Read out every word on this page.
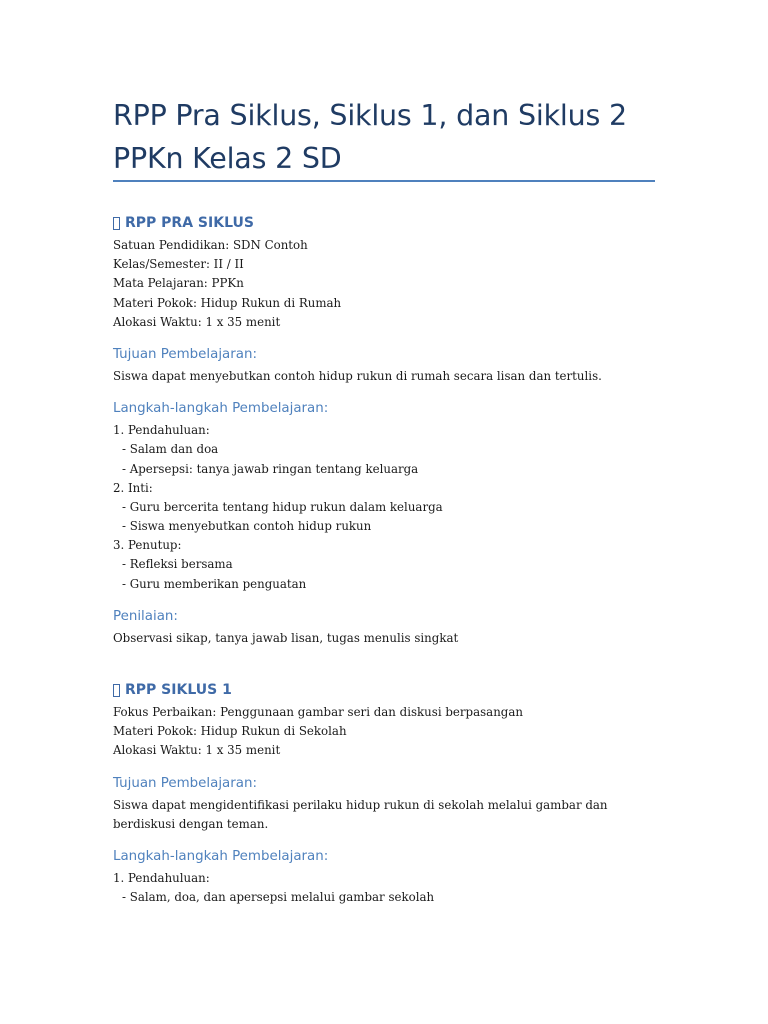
RPP Pra Siklus, Siklus 1, dan Siklus 2
PPKn Kelas 2 SD
RPP PRA SIKLUS

Satuan Pendidikan: SDN Contoh

Kelas/Semester: II / II

Mata Pelajaran: PPKn

Materi Pokok: Hidup Rukun di Rumah

Alokasi Waktu: 1 x 35 menit

Tujuan Pembelajaran:

Siswa dapat menyebutkan contoh hidup rukun di rumah secara lisan dan tertulis.

Langkah-langkah Pembelajaran:

1. Pendahuluan:

- Salam dan doa

- Apersepsi: tanya jawab ringan tentang keluarga

2. Inti:

- Guru bercerita tentang hidup rukun dalam keluarga

- Siswa menyebutkan contoh hidup rukun

3. Penutup:

- Refleksi bersama

- Guru memberikan penguatan

Penilaian:

Observasi sikap, tanya jawab lisan, tugas menulis singkat

RPP SIKLUS 1

Fokus Perbaikan: Penggunaan gambar seri dan diskusi berpasangan

Materi Pokok: Hidup Rukun di Sekolah

Alokasi Waktu: 1 x 35 menit

Tujuan Pembelajaran:

Siswa dapat mengidentifikasi perilaku hidup rukun di sekolah melalui gambar dan

berdiskusi dengan teman.

Langkah-langkah Pembelajaran:

1. Pendahuluan:

- Salam, doa, dan apersepsi melalui gambar sekolah
